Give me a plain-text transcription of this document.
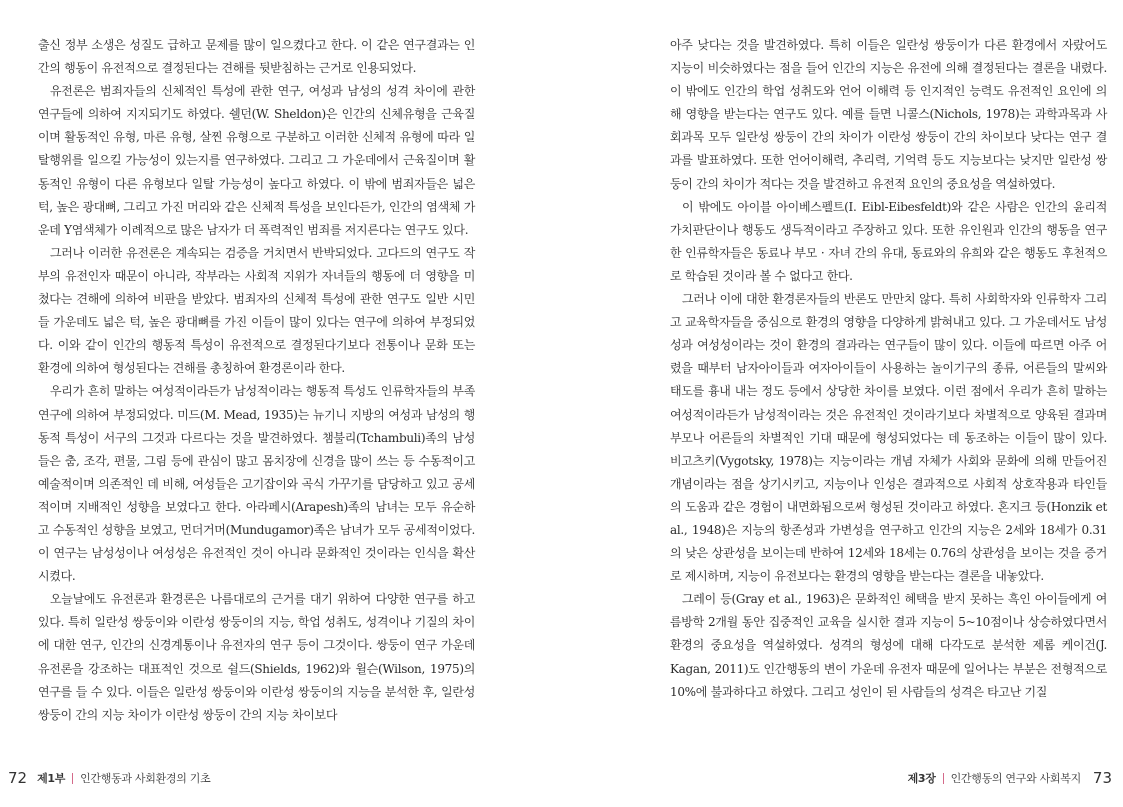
출신 정부 소생은 성질도 급하고 문제를 많이 일으켰다고 한다. 이 같은 연구결과는 인간의 행동이 유전적으로 결정된다는 견해를 뒷받침하는 근거로 인용되었다.

유전론은 범죄자들의 신체적인 특성에 관한 연구, 여성과 남성의 성격 차이에 관한 연구들에 의하여 지지되기도 하였다. 쉘던(W. Sheldon)은 인간의 신체유형을 근육질이며 활동적인 유형, 마른 유형, 살찐 유형으로 구분하고 이러한 신체적 유형에 따라 일탈행위를 일으킬 가능성이 있는지를 연구하였다. 그리고 그 가운데에서 근육질이며 활동적인 유형이 다른 유형보다 일탈 가능성이 높다고 하였다. 이 밖에 범죄자들은 넓은 턱, 높은 광대뼈, 그리고 가진 머리와 같은 신체적 특성을 보인다든가, 인간의 염색체 가운데 Y염색체가 이례적으로 많은 남자가 더 폭력적인 범죄를 저지른다는 연구도 있다.

그러나 이러한 유전론은 계속되는 검증을 거치면서 반박되었다. 고다드의 연구도 작부의 유전인자 때문이 아니라, 작부라는 사회적 지위가 자녀들의 행동에 더 영향을 미쳤다는 견해에 의하여 비판을 받았다. 범죄자의 신체적 특성에 관한 연구도 일반 시민들 가운데도 넓은 턱, 높은 광대뼈를 가진 이들이 많이 있다는 연구에 의하여 부정되었다. 이와 같이 인간의 행동적 특성이 유전적으로 결정된다기보다 전통이나 문화 또는 환경에 의하여 형성된다는 견해를 총칭하여 환경론이라 한다.

우리가 흔히 말하는 여성적이라든가 남성적이라는 행동적 특성도 인류학자들의 부족 연구에 의하여 부정되었다. 미드(M. Mead, 1935)는 뉴기니 지방의 여성과 남성의 행동적 특성이 서구의 그것과 다르다는 것을 발견하였다. 챔불리(Tchambuli)족의 남성들은 춤, 조각, 편물, 그림 등에 관심이 많고 몸치장에 신경을 많이 쓰는 등 수동적이고 예술적이며 의존적인 데 비해, 여성들은 고기잡이와 곡식 가꾸기를 담당하고 있고 공세적이며 지배적인 성향을 보였다고 한다. 아라페시(Arapesh)족의 남녀는 모두 유순하고 수동적인 성향을 보였고, 먼더거머(Mundugamor)족은 남녀가 모두 공세적이었다. 이 연구는 남성성이나 여성성은 유전적인 것이 아니라 문화적인 것이라는 인식을 확산시켰다.

오늘날에도 유전론과 환경론은 나름대로의 근거를 대기 위하여 다양한 연구를 하고 있다. 특히 일란성 쌍둥이와 이란성 쌍둥이의 지능, 학업 성취도, 성격이나 기질의 차이에 대한 연구, 인간의 신경계통이나 유전자의 연구 등이 그것이다. 쌍둥이 연구 가운데 유전론을 강조하는 대표적인 것으로 쉴드(Shields, 1962)와 윌슨(Wilson, 1975)의 연구를 들 수 있다. 이들은 일란성 쌍둥이와 이란성 쌍둥이의 지능을 분석한 후, 일란성 쌍둥이 간의 지능 차이가 이란성 쌍둥이 간의 지능 차이보다

72 제1부 인간행동과 사회환경의 기초

아주 낮다는 것을 발견하였다. 특히 이들은 일란성 쌍둥이가 다른 환경에서 자랐어도 지능이 비슷하였다는 점을 들어 인간의 지능은 유전에 의해 결정된다는 결론을 내렸다. 이 밖에도 인간의 학업 성취도와 언어 이해력 등 인지적인 능력도 유전적인 요인에 의해 영향을 받는다는 연구도 있다. 예를 들면 니콜스(Nichols, 1978)는 과학과목과 사회과목 모두 일란성 쌍둥이 간의 차이가 이란성 쌍둥이 간의 차이보다 낮다는 연구 결과를 발표하였다. 또한 언어이해력, 추리력, 기억력 등도 지능보다는 낮지만 일란성 쌍둥이 간의 차이가 적다는 것을 발견하고 유전적 요인의 중요성을 역설하였다.

이 밖에도 아이블 아이베스펠트(I. Eibl-Eibesfeldt)와 같은 사람은 인간의 윤리적 가치판단이나 행동도 생득적이라고 주장하고 있다. 또한 유인원과 인간의 행동을 연구한 인류학자들은 동료나 부모 · 자녀 간의 유대, 동료와의 유희와 같은 행동도 후천적으로 학습된 것이라 볼 수 없다고 한다.

그러나 이에 대한 환경론자들의 반론도 만만치 않다. 특히 사회학자와 인류학자 그리고 교육학자들을 중심으로 환경의 영향을 다양하게 밝혀내고 있다. 그 가운데서도 남성성과 여성성이라는 것이 환경의 결과라는 연구들이 많이 있다. 이들에 따르면 아주 어렸을 때부터 남자아이들과 여자아이들이 사용하는 놀이기구의 종류, 어른들의 말씨와 태도를 흉내 내는 정도 등에서 상당한 차이를 보였다. 이런 점에서 우리가 흔히 말하는 여성적이라든가 남성적이라는 것은 유전적인 것이라기보다 차별적으로 양육된 결과며 부모나 어른들의 차별적인 기대 때문에 형성되었다는 데 동조하는 이들이 많이 있다. 비고츠키(Vygotsky, 1978)는 지능이라는 개념 자체가 사회와 문화에 의해 만들어진 개념이라는 점을 상기시키고, 지능이나 인성은 결과적으로 사회적 상호작용과 타인들의 도움과 같은 경험이 내면화됨으로써 형성된 것이라고 하였다. 혼지크 등(Honzik et al., 1948)은 지능의 항존성과 가변성을 연구하고 인간의 지능은 2세와 18세가 0.31의 낮은 상관성을 보이는데 반하여 12세와 18세는 0.76의 상관성을 보이는 것을 증거로 제시하며, 지능이 유전보다는 환경의 영향을 받는다는 결론을 내놓았다.

그레이 등(Gray et al., 1963)은 문화적인 혜택을 받지 못하는 흑인 아이들에게 여름방학 2개월 동안 집중적인 교육을 실시한 결과 지능이 5~10점이나 상승하였다면서 환경의 중요성을 역설하였다. 성격의 형성에 대해 다각도로 분석한 제롬 케이건(J. Kagan, 2011)도 인간행동의 변이 가운데 유전자 때문에 일어나는 부분은 전형적으로 10%에 불과하다고 하였다. 그리고 성인이 된 사람들의 성격은 타고난 기질

제3장 인간행동의 연구와 사회복지 73
